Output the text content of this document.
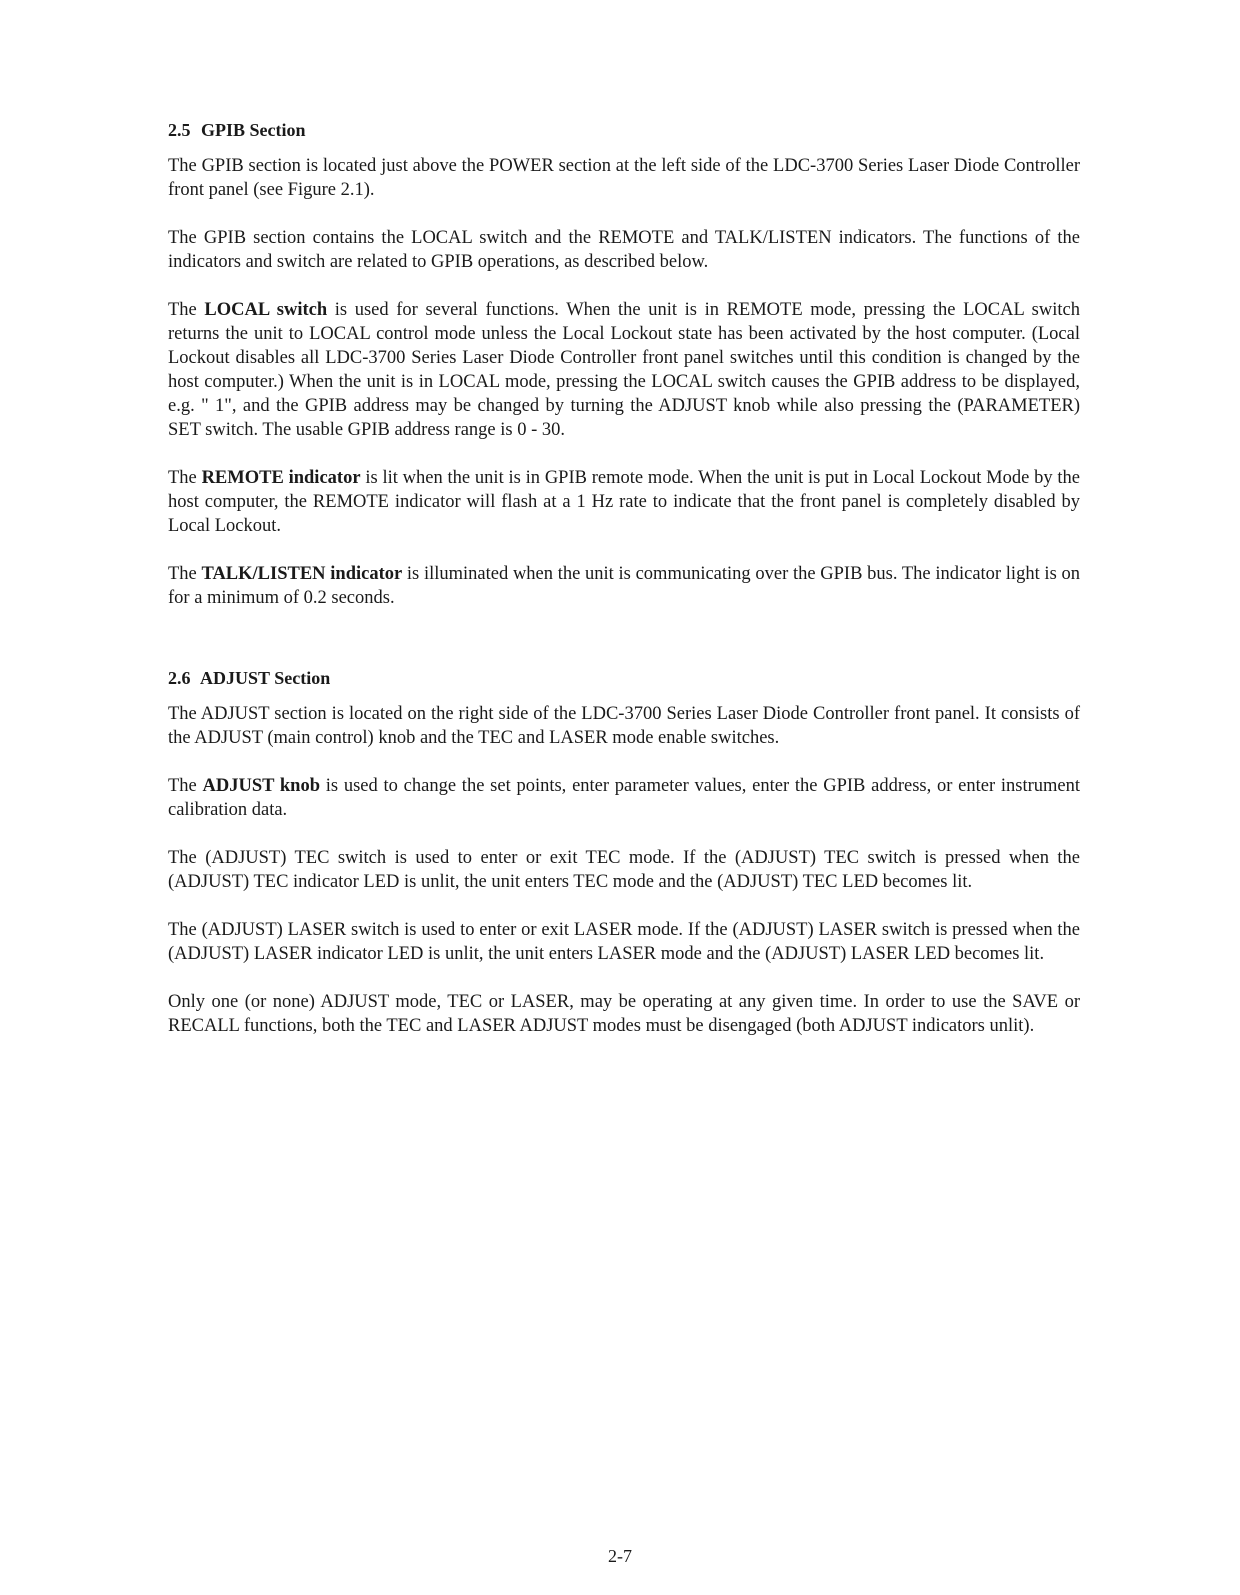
2.5 GPIB Section

The GPIB section is located just above the POWER section at the left side of the LDC-3700 Series Laser Diode Controller front panel (see Figure 2.1).

The GPIB section contains the LOCAL switch and the REMOTE and TALK/LISTEN indicators. The functions of the indicators and switch are related to GPIB operations, as described below.

The LOCAL switch is used for several functions. When the unit is in REMOTE mode, pressing the LOCAL switch returns the unit to LOCAL control mode unless the Local Lockout state has been activated by the host computer. (Local Lockout disables all LDC-3700 Series Laser Diode Controller front panel switches until this condition is changed by the host computer.) When the unit is in LOCAL mode, pressing the LOCAL switch causes the GPIB address to be displayed, e.g. " 1", and the GPIB address may be changed by turning the ADJUST knob while also pressing the (PARAMETER) SET switch. The usable GPIB address range is 0 - 30.

The REMOTE indicator is lit when the unit is in GPIB remote mode. When the unit is put in Local Lockout Mode by the host computer, the REMOTE indicator will flash at a 1 Hz rate to indicate that the front panel is completely disabled by Local Lockout.

The TALK/LISTEN indicator is illuminated when the unit is communicating over the GPIB bus. The indicator light is on for a minimum of 0.2 seconds.

2.6 ADJUST Section

The ADJUST section is located on the right side of the LDC-3700 Series Laser Diode Controller front panel. It consists of the ADJUST (main control) knob and the TEC and LASER mode enable switches.

The ADJUST knob is used to change the set points, enter parameter values, enter the GPIB address, or enter instrument calibration data.

The (ADJUST) TEC switch is used to enter or exit TEC mode. If the (ADJUST) TEC switch is pressed when the (ADJUST) TEC indicator LED is unlit, the unit enters TEC mode and the (ADJUST) TEC LED becomes lit.

The (ADJUST) LASER switch is used to enter or exit LASER mode. If the (ADJUST) LASER switch is pressed when the (ADJUST) LASER indicator LED is unlit, the unit enters LASER mode and the (ADJUST) LASER LED becomes lit.

Only one (or none) ADJUST mode, TEC or LASER, may be operating at any given time. In order to use the SAVE or RECALL functions, both the TEC and LASER ADJUST modes must be disengaged (both ADJUST indicators unlit).

2-7
